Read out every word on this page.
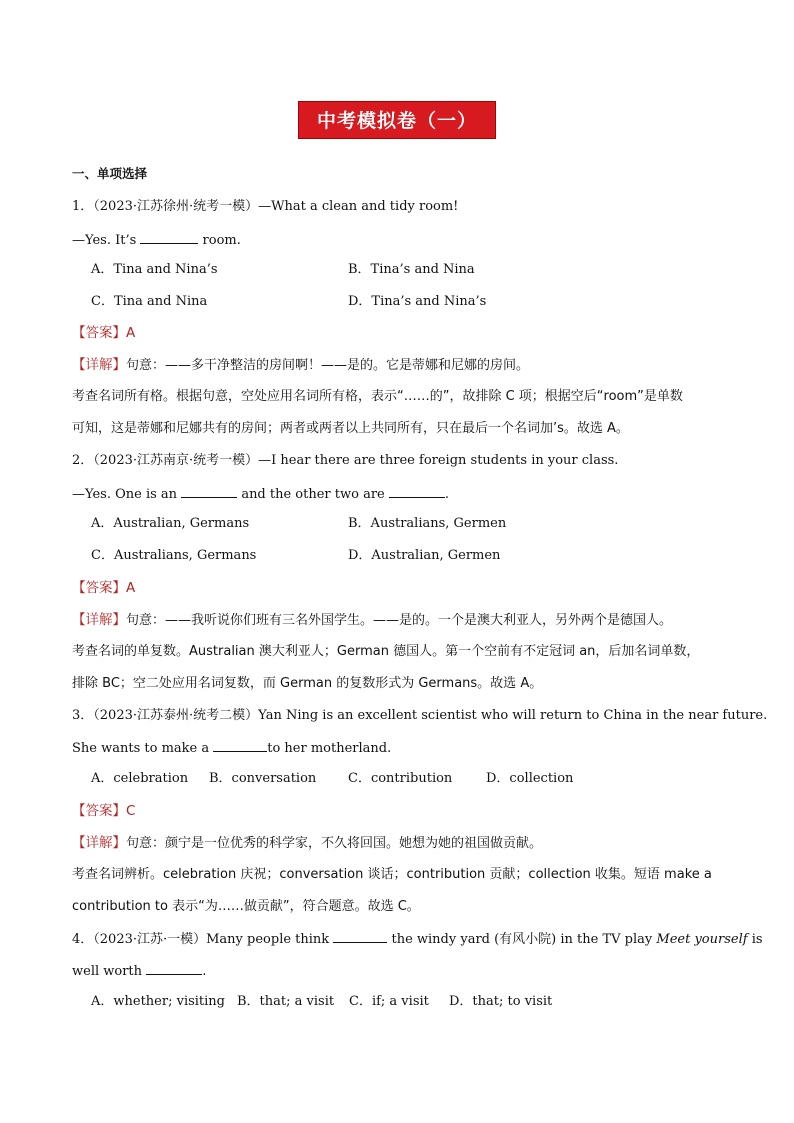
中考模拟卷（一）
一、单项选择
1．（2023·江苏徐州·统考一模）—What a clean and tidy room!
—Yes. It’s	room.
A．Tina and Nina’s	B．Tina’s and Nina
C．Tina and Nina	D．Tina’s and Nina’s
【答案】A
【详解】句意：——多干净整洁的房间啊！——是的。它是蒂娜和尼娜的房间。
考查名词所有格。根据句意，空处应用名词所有格，表示“……的”，故排除 C 项；根据空后“room”是单数
可知，这是蒂娜和尼娜共有的房间；两者或两者以上共同所有，只在最后一个名词加’s。故选 A。
2．（2023·江苏南京·统考一模）—I hear there are three foreign students in your class.
—Yes. One is an	and the other two are	.
A．Australian, Germans	B．Australians, Germen
C．Australians, Germans	D．Australian, Germen
【答案】A
【详解】句意：——我听说你们班有三名外国学生。——是的。一个是澳大利亚人，另外两个是德国人。
考查名词的单复数。Australian 澳大利亚人；German 德国人。第一个空前有不定冠词 an，后加名词单数，
排除 BC；空二处应用名词复数，而 German 的复数形式为 Germans。故选 A。
3．（2023·江苏泰州·统考二模）Yan Ning is an excellent scientist who will return to China in the near future.
She wants to make a	to her motherland.
A．celebration B．conversation C．contribution	D．collection
【答案】C
【详解】句意：颜宁是一位优秀的科学家，不久将回国。她想为她的祖国做贡献。
考查名词辨析。celebration 庆祝；conversation 谈话；contribution 贡献；collection 收集。短语 make a
contribution to 表示“为……做贡献”，符合题意。故选 C。
4．（2023·江苏·一模）Many people think	the windy yard (有风小院) in the TV play Meet yourself is
well worth	.
A．whether; visiting B．that; a visit C．if; a visit D．that; to visit
